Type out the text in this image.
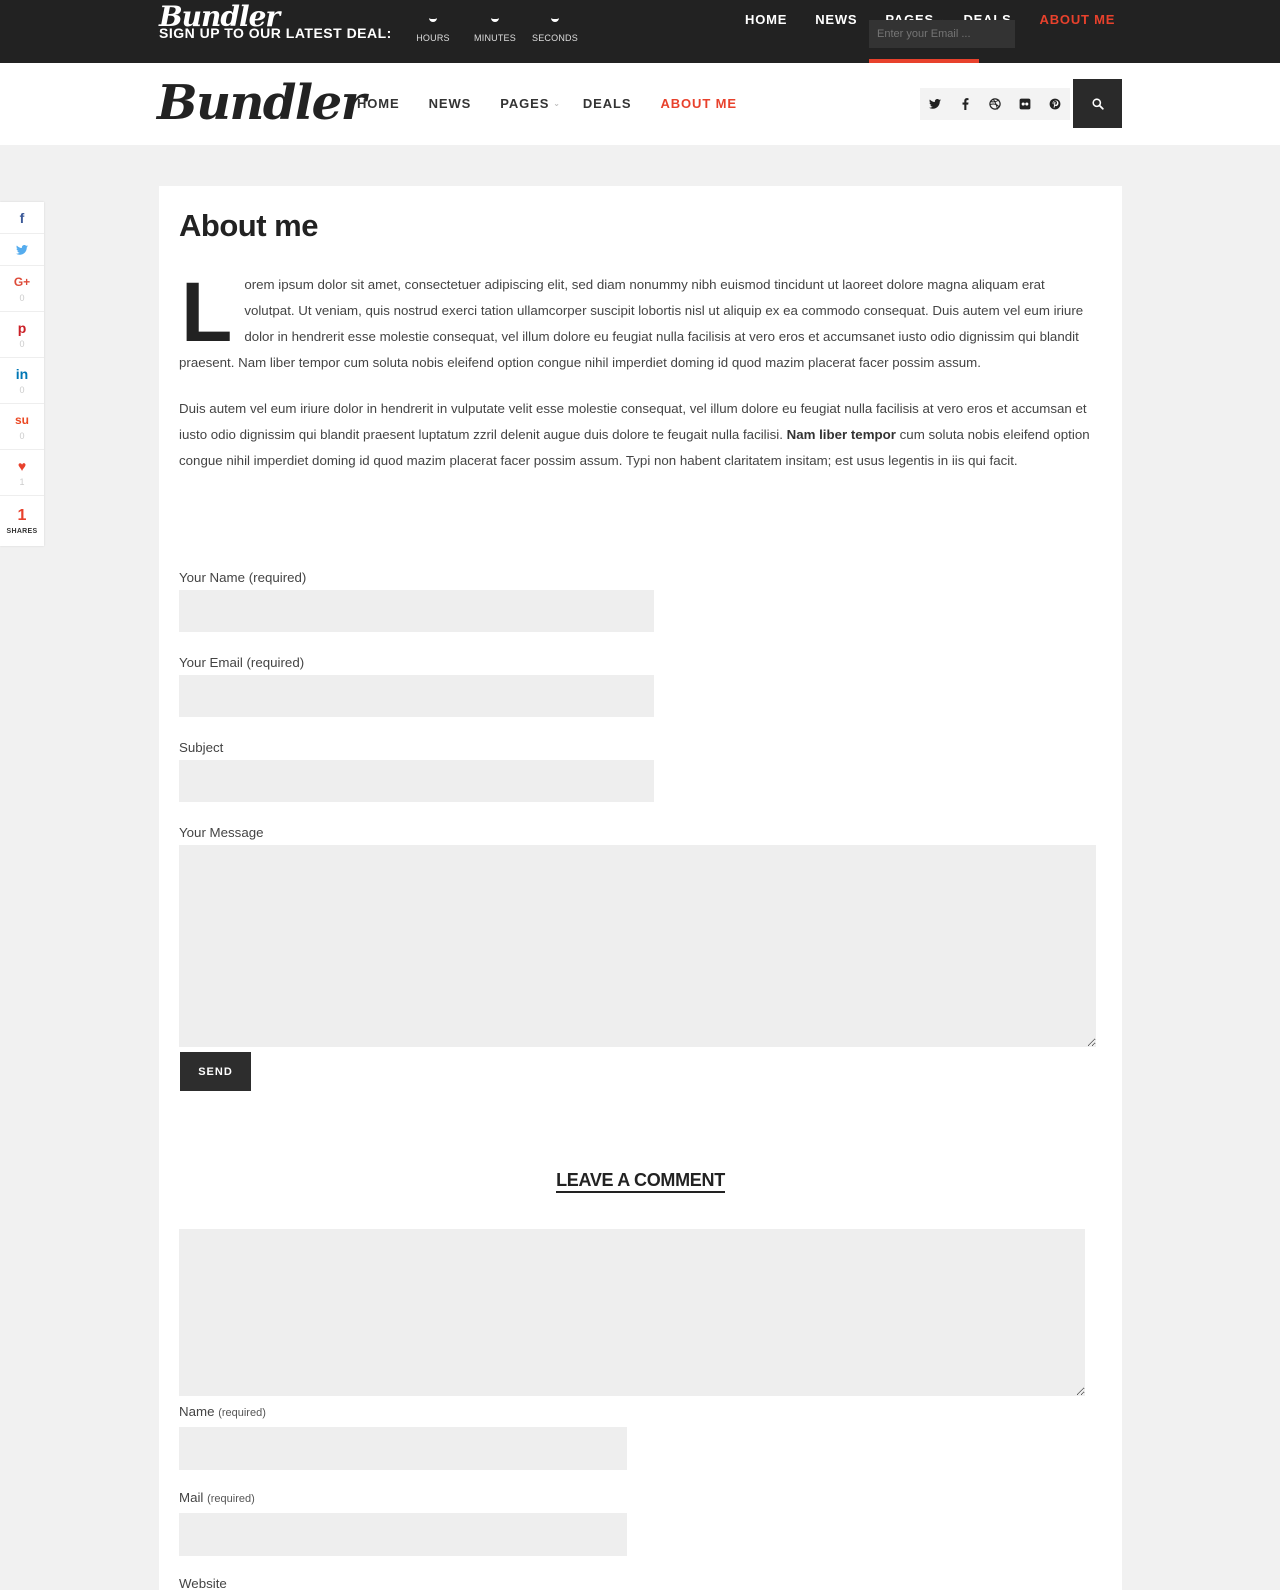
Bundler
SIGN UP TO OUR LATEST DEAL:	HOURS	MINUTES	SECONDS
HOME NEWS	ABOUT ME
Enter your Email ...
Bundler
HOME NEWS PAGES ⌄ DEALS ABOUT ME
f
G+
0
p
0
in
0
su
0
♥
1
1
SHARES
About me

Lorem ipsum dolor sit amet, consectetuer adipiscing elit, sed diam nonummy nibh euismod tincidunt ut laoreet dolore magna aliquam erat volutpat. Ut veniam, quis nostrud exerci tation ullamcorper suscipit lobortis nisl ut aliquip ex ea commodo consequat. Duis autem vel eum iriure dolor in hendrerit esse molestie consequat, vel illum dolore eu feugiat nulla facilisis at vero eros et accumsanet iusto odio dignissim qui blandit praesent. Nam liber tempor cum soluta nobis eleifend option congue nihil imperdiet doming id quod mazim placerat facer possim assum.

Duis autem vel eum iriure dolor in hendrerit in vulputate velit esse molestie consequat, vel illum dolore eu feugiat nulla facilisis at vero eros et accumsan et iusto odio dignissim qui blandit praesent luptatum zzril delenit augue duis dolore te feugait nulla facilisi. Nam liber tempor cum soluta nobis eleifend option congue nihil imperdiet doming id quod mazim placerat facer possim assum. Typi non habent claritatem insitam; est usus legentis in iis qui facit.

Your Name (required)
Your Email (required)
Subject
Your Message
SEND
LEAVE A COMMENT
Name (required)
Mail (required)
Website
